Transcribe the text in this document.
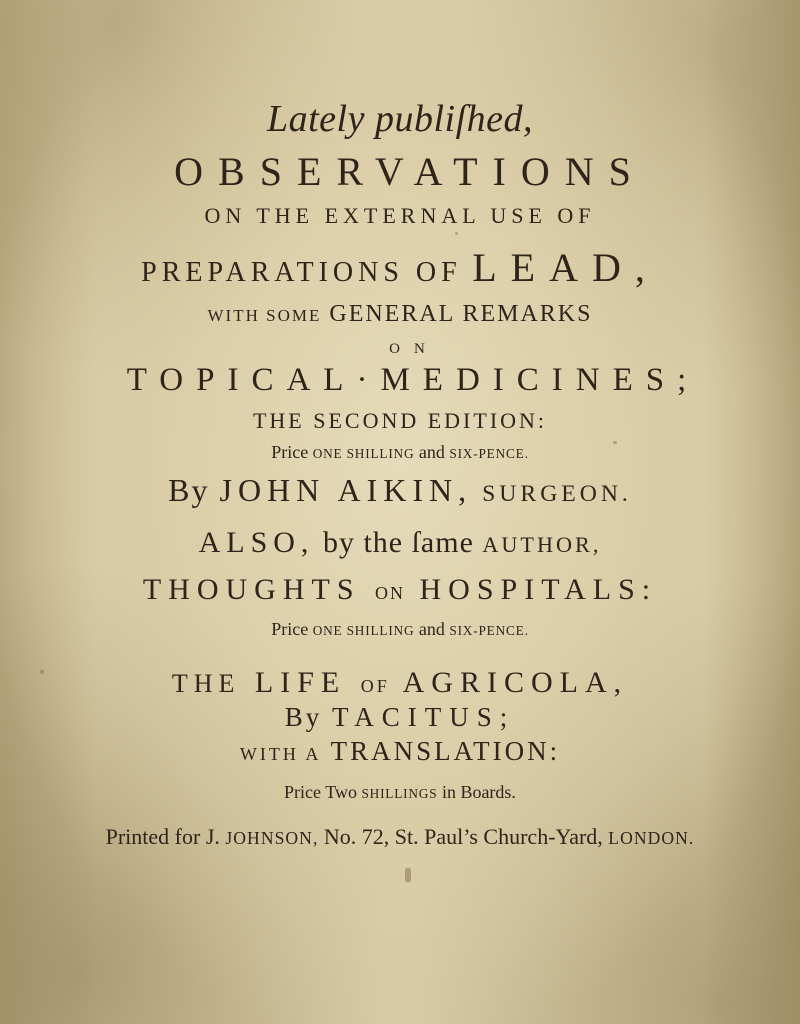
Lately publiſhed,
OBSERVATIONS
ON THE EXTERNAL USE OF
PREPARATIONS OF LEAD,
WITH SOME GENERAL REMARKS
ON
TOPICAL·MEDICINES;
THE SECOND EDITION:
Price ONE SHILLING and SIX-PENCE.
By JOHN AIKIN, SURGEON.
ALSO, by the ſame AUTHOR,
THOUGHTS ON HOSPITALS:
Price ONE SHILLING and SIX-PENCE.
THE LIFE OF AGRICOLA,
By TACITUS;
WITH A TRANSLATION:
Price Two SHILLINGS in Boards.
Printed for J. JOHNSON, No. 72, St. Paul’s Church-Yard, LONDON.
